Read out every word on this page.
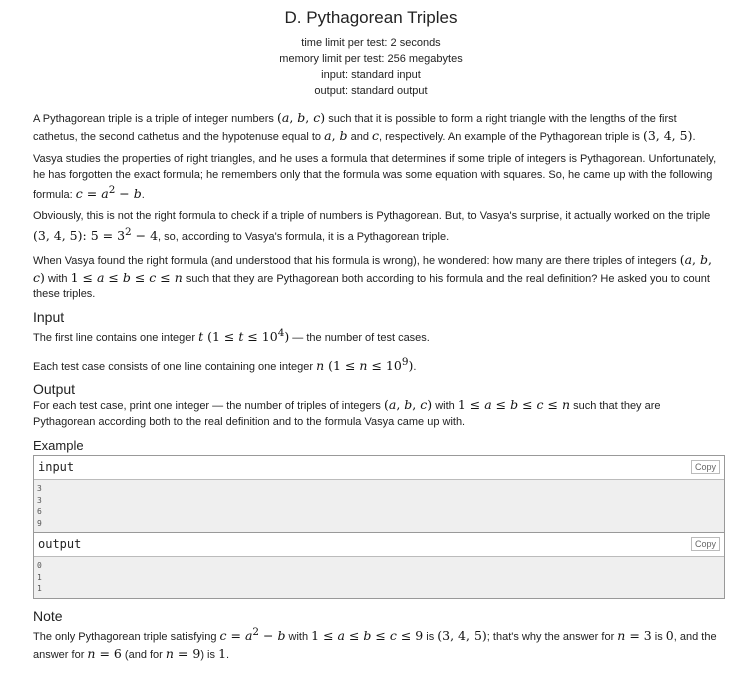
D. Pythagorean Triples
time limit per test: 2 seconds
memory limit per test: 256 megabytes
input: standard input
output: standard output
A Pythagorean triple is a triple of integer numbers (a, b, c) such that it is possible to form a right triangle with the lengths of the first cathetus, the second cathetus and the hypotenuse equal to a, b and c, respectively. An example of the Pythagorean triple is (3, 4, 5).
Vasya studies the properties of right triangles, and he uses a formula that determines if some triple of integers is Pythagorean. Unfortunately, he has forgotten the exact formula; he remembers only that the formula was some equation with squares. So, he came up with the following formula: $c = a^2 - b$.
Obviously, this is not the right formula to check if a triple of numbers is Pythagorean. But, to Vasya's surprise, it actually worked on the triple (3, 4, 5): $5 = 3^2 - 4$, so, according to Vasya's formula, it is a Pythagorean triple.
When Vasya found the right formula (and understood that his formula is wrong), he wondered: how many are there triples of integers (a, b, c) with 1 ≤ a ≤ b ≤ c ≤ n such that they are Pythagorean both according to his formula and the real definition? He asked you to count these triples.
Input
The first line contains one integer t $(1 \le t \le 10^4)$ — the number of test cases.
Each test case consists of one line containing one integer n $(1 \le n \le 10^9)$.
Output
For each test case, print one integer — the number of triples of integers (a, b, c) with 1 ≤ a ≤ b ≤ c ≤ n such that they are Pythagorean according both to the real definition and to the formula Vasya came up with.
Example
input	Copy
3
3
6
9
output	Copy
0
1
1
Note
The only Pythagorean triple satisfying $c = a^2 - b$ with 1 ≤ a ≤ b ≤ c ≤ 9 is (3, 4, 5); that's why the answer for n = 3 is 0, and the answer for n = 6 (and for n = 9) is 1.
